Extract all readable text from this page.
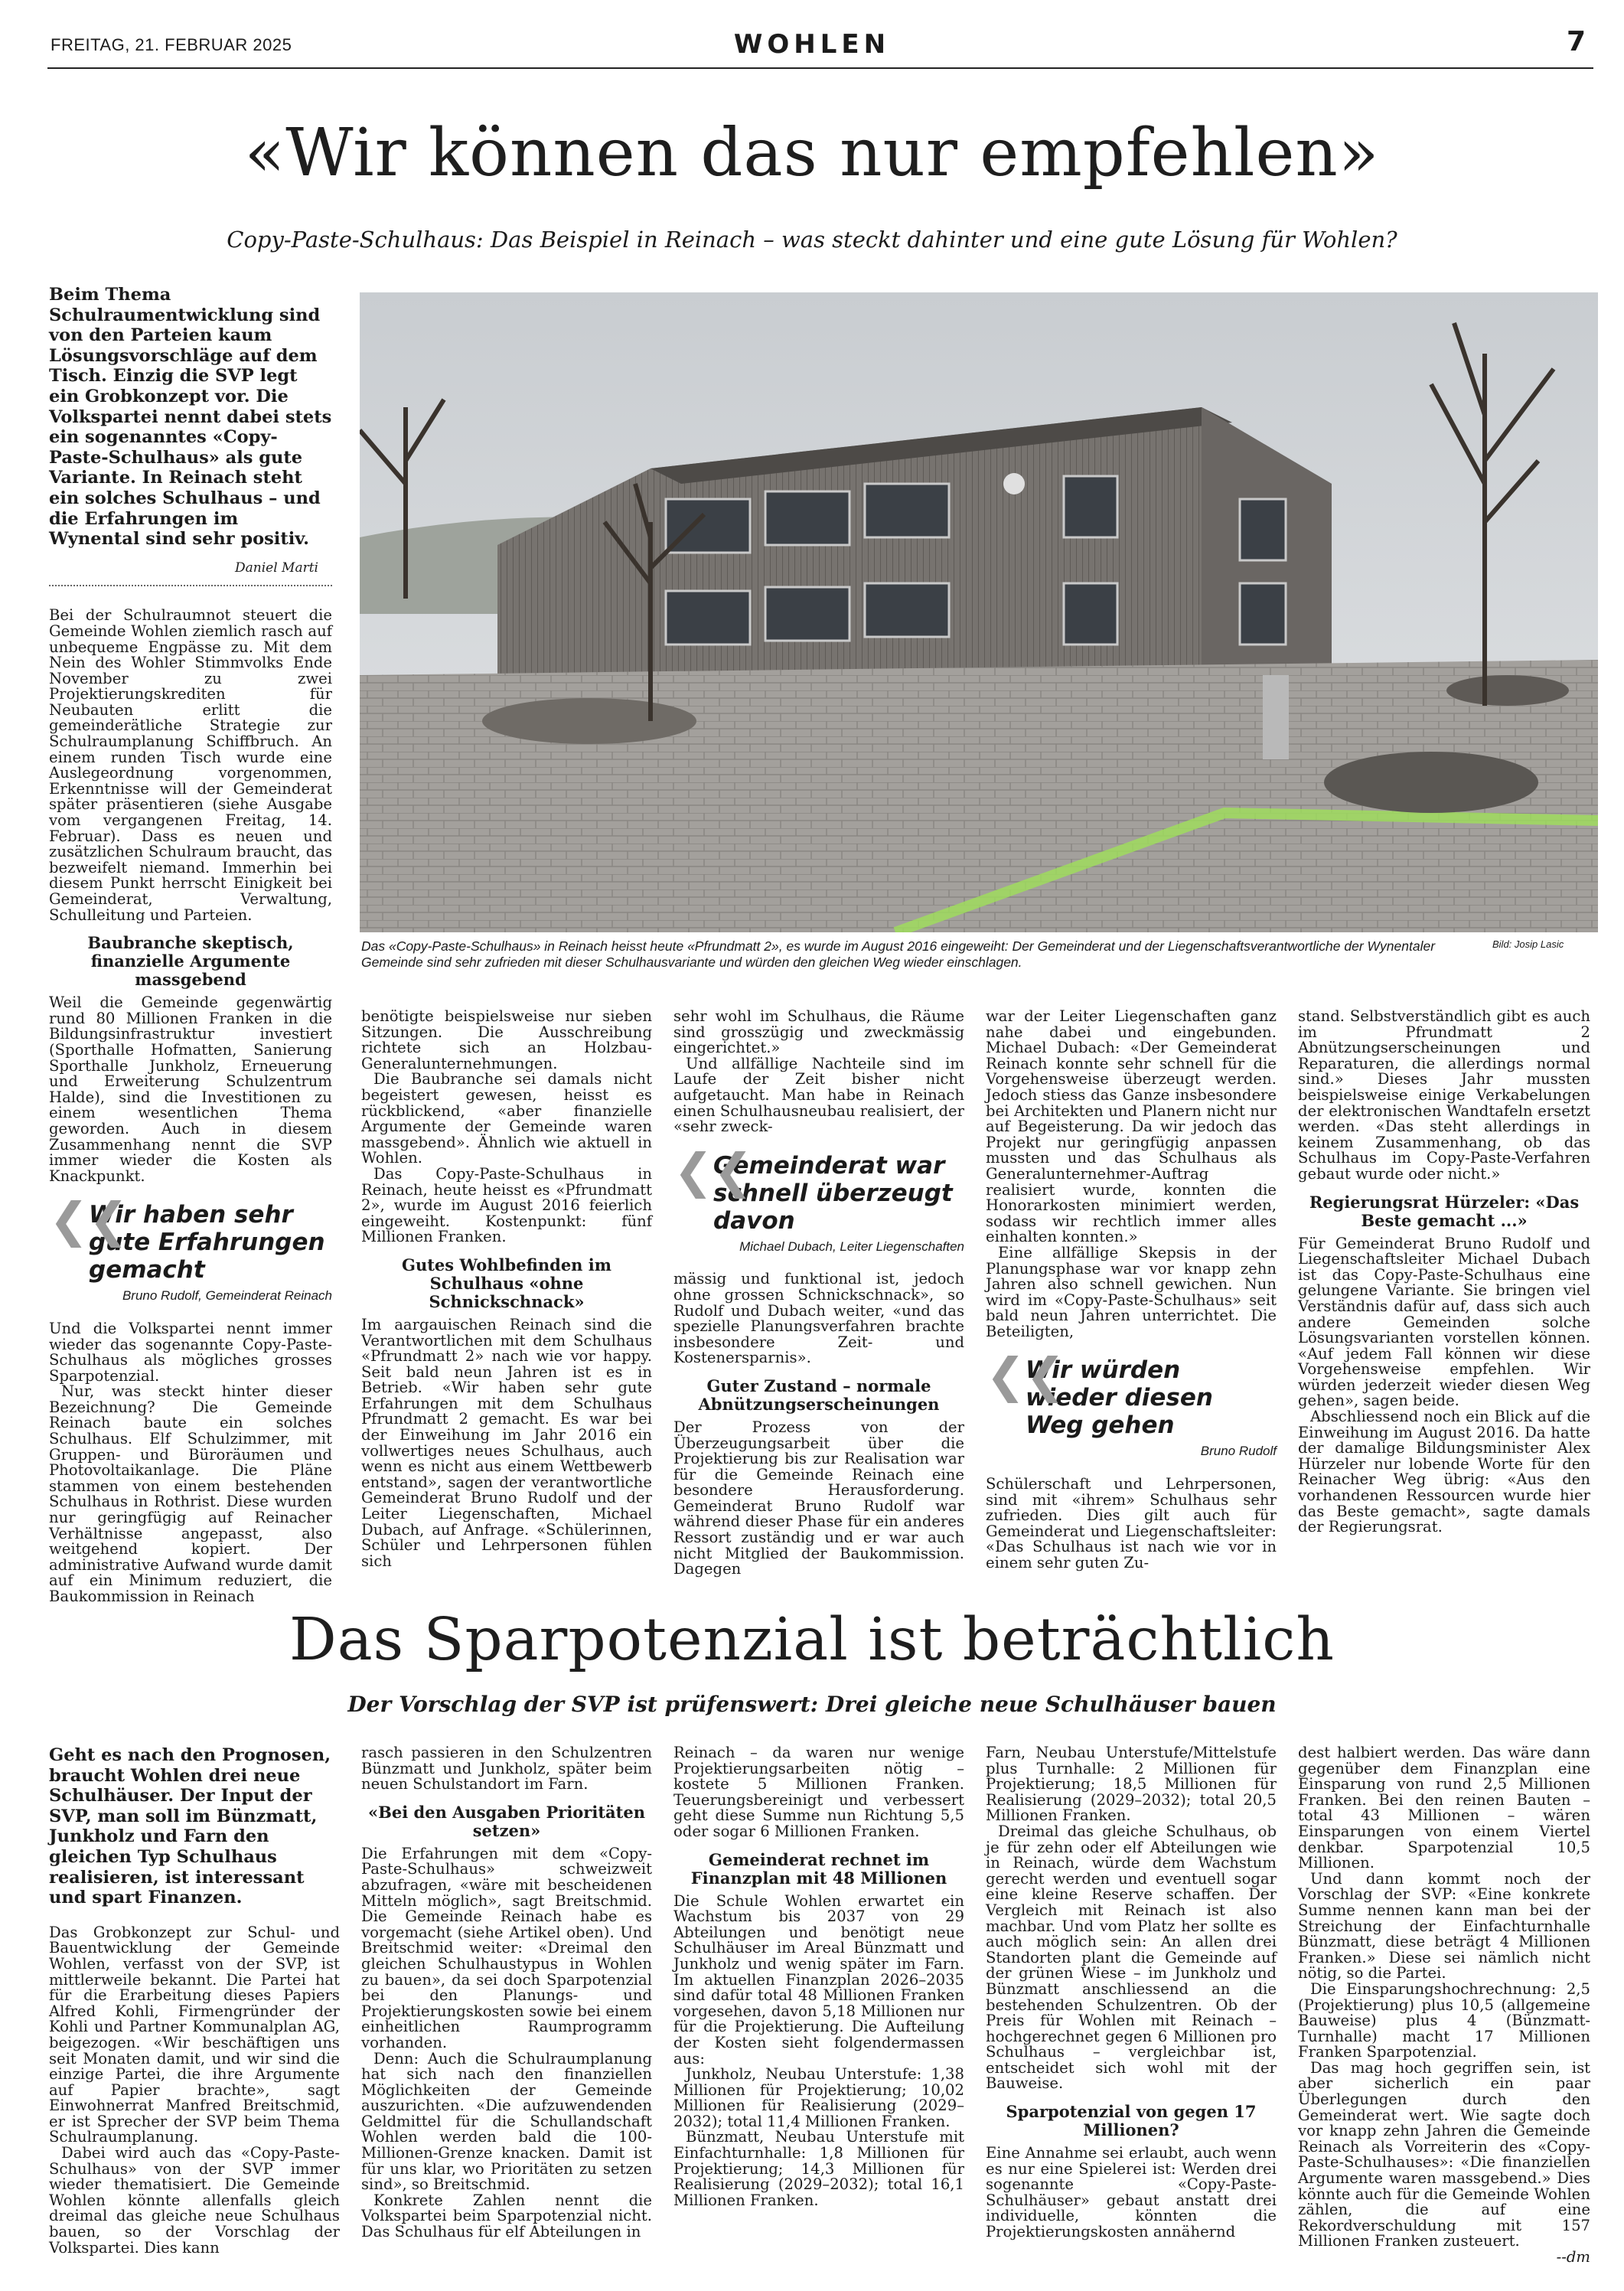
FREITAG, 21. FEBRUAR 2025	WOHLEN	7
«Wir können das nur empfehlen»
Copy-Paste-Schulhaus: Das Beispiel in Reinach – was steckt dahinter und eine gute Lösung für Wohlen?
Beim Thema Schulraumentwicklung sind von den Parteien kaum Lösungsvorschläge auf dem Tisch. Einzig die SVP legt ein Grobkonzept vor. Die Volkspartei nennt dabei stets ein sogenanntes «Copy-Paste-Schulhaus» als gute Variante. In Reinach steht ein solches Schulhaus – und die Erfahrungen im Wynental sind sehr positiv.
Daniel Marti

Bei der Schulraumnot steuert die Gemeinde Wohlen ziemlich rasch auf unbequeme Engpässe zu. Mit dem Nein des Wohler Stimmvolks Ende November zu zwei Projektierungskrediten für Neubauten erlitt die gemeinderätliche Strategie zur Schulraumplanung Schiffbruch. An einem runden Tisch wurde eine Auslegeordnung vorgenommen, Erkenntnisse will der Gemeinderat später präsentieren (siehe Ausgabe vom vergangenen Freitag, 14. Februar). Dass es neuen und zusätzlichen Schulraum braucht, das bezweifelt niemand. Immerhin bei diesem Punkt herrscht Einigkeit bei Gemeinderat, Verwaltung, Schulleitung und Parteien.

Baubranche skeptisch, finanzielle Argumente massgebend

Weil die Gemeinde gegenwärtig rund 80 Millionen Franken in die Bildungsinfrastruktur investiert (Sporthalle Hofmatten, Sanierung Sporthalle Junkholz, Erneuerung und Erweiterung Schulzentrum Halde), sind die Investitionen zu einem wesentlichen Thema geworden. Auch in diesem Zusammenhang nennt die SVP immer wieder die Kosten als Knackpunkt.

❮❮
Wir haben sehr gute Erfahrungen gemacht
Bruno Rudolf, Gemeinderat Reinach

Und die Volkspartei nennt immer wieder das sogenannte Copy-Paste-Schulhaus als mögliches grosses Sparpotenzial.

Nur, was steckt hinter dieser Bezeichnung? Die Gemeinde Reinach baute ein solches Schulhaus. Elf Schulzimmer, mit Gruppen- und Büroräumen und Photovoltaikanlage. Die Pläne stammen von einem bestehenden Schulhaus in Rothrist. Diese wurden nur geringfügig auf Reinacher Verhältnisse angepasst, also weitgehend kopiert. Der administrative Aufwand wurde damit auf ein Minimum reduziert, die Baukommission in Reinach

Das «Copy-Paste-Schulhaus» in Reinach heisst heute «Pfrundmatt 2», es wurde im August 2016 eingeweiht: Der Gemeinderat und der Liegenschaftsverantwortliche der Wynentaler Gemeinde sind sehr zufrieden mit dieser Schulhausvariante und würden den gleichen Weg wieder einschlagen.
Bild: Josip Lasic

benötigte beispielsweise nur sieben Sitzungen. Die Ausschreibung richtete sich an Holzbau-Generalunternehmungen.

Die Baubranche sei damals nicht begeistert gewesen, heisst es rückblickend, «aber finanzielle Argumente der Gemeinde waren massgebend». Ähnlich wie aktuell in Wohlen.

Das Copy-Paste-Schulhaus in Reinach, heute heisst es «Pfrundmatt 2», wurde im August 2016 feierlich eingeweiht. Kostenpunkt: fünf Millionen Franken.

Gutes Wohlbefinden im Schulhaus «ohne Schnickschnack»

Im aargauischen Reinach sind die Verantwortlichen mit dem Schulhaus «Pfrundmatt 2» nach wie vor happy. Seit bald neun Jahren ist es in Betrieb. «Wir haben sehr gute Erfahrungen mit dem Schulhaus Pfrundmatt 2 gemacht. Es war bei der Einweihung im Jahr 2016 ein vollwertiges neues Schulhaus, auch wenn es nicht aus einem Wettbewerb entstand», sagen der verantwortliche Gemeinderat Bruno Rudolf und der Leiter Liegenschaften, Michael Dubach, auf Anfrage. «Schülerinnen, Schüler und Lehrpersonen fühlen sich

sehr wohl im Schulhaus, die Räume sind grosszügig und zweckmässig eingerichtet.»

Und allfällige Nachteile sind im Laufe der Zeit bisher nicht aufgetaucht. Man habe in Reinach einen Schulhausneubau realisiert, der «sehr zweck-

❮❮
Gemeinderat war schnell überzeugt davon
Michael Dubach, Leiter Liegenschaften

mässig und funktional ist, jedoch ohne grossen Schnickschnack», so Rudolf und Dubach weiter, «und das spezielle Planungsverfahren brachte insbesondere Zeit- und Kostenersparnis».

Guter Zustand – normale Abnützungserscheinungen

Der Prozess von der Überzeugungsarbeit über die Projektierung bis zur Realisation war für die Gemeinde Reinach eine besondere Herausforderung. Gemeinderat Bruno Rudolf war während dieser Phase für ein anderes Ressort zuständig und er war auch nicht Mitglied der Baukommission. Dagegen

war der Leiter Liegenschaften ganz nahe dabei und eingebunden. Michael Dubach: «Der Gemeinderat Reinach konnte sehr schnell für die Vorgehensweise überzeugt werden. Jedoch stiess das Ganze insbesondere bei Architekten und Planern nicht nur auf Begeisterung. Da wir jedoch das Projekt nur geringfügig anpassen mussten und das Schulhaus als Generalunternehmer-Auftrag realisiert wurde, konnten die Honorarkosten minimiert werden, sodass wir rechtlich immer alles einhalten konnten.»

Eine allfällige Skepsis in der Planungsphase war vor knapp zehn Jahren also schnell gewichen. Nun wird im «Copy-Paste-Schulhaus» seit bald neun Jahren unterrichtet. Die Beteiligten,

❮❮
Wir würden wieder diesen Weg gehen
Bruno Rudolf

Schülerschaft und Lehrpersonen, sind mit «ihrem» Schulhaus sehr zufrieden. Dies gilt auch für Gemeinderat und Liegenschaftsleiter: «Das Schulhaus ist nach wie vor in einem sehr guten Zu-

stand. Selbstverständlich gibt es auch im Pfrundmatt 2 Abnützungserscheinungen und Reparaturen, die allerdings normal sind.» Dieses Jahr mussten beispielsweise einige Verkabelungen der elektronischen Wandtafeln ersetzt werden. «Das steht allerdings in keinem Zusammenhang, ob das Schulhaus im Copy-Paste-Verfahren gebaut wurde oder nicht.»

Regierungsrat Hürzeler: «Das Beste gemacht ...»

Für Gemeinderat Bruno Rudolf und Liegenschaftsleiter Michael Dubach ist das Copy-Paste-Schulhaus eine gelungene Variante. Sie bringen viel Verständnis dafür auf, dass sich auch andere Gemeinden solche Lösungsvarianten vorstellen können. «Auf jedem Fall können wir diese Vorgehensweise empfehlen. Wir würden jederzeit wieder diesen Weg gehen», sagen beide.

Abschliessend noch ein Blick auf die Einweihung im August 2016. Da hatte der damalige Bildungsminister Alex Hürzeler nur lobende Worte für den Reinacher Weg übrig: «Aus den vorhandenen Ressourcen wurde hier das Beste gemacht», sagte damals der Regierungsrat.

Das Sparpotenzial ist beträchtlich
Der Vorschlag der SVP ist prüfenswert: Drei gleiche neue Schulhäuser bauen
Geht es nach den Prognosen, braucht Wohlen drei neue Schulhäuser. Der Input der SVP, man soll im Bünzmatt, Junkholz und Farn den gleichen Typ Schulhaus realisieren, ist interessant und spart Finanzen.

Das Grobkonzept zur Schul- und Bauentwicklung der Gemeinde Wohlen, verfasst von der SVP, ist mittlerweile bekannt. Die Partei hat für die Erarbeitung dieses Papiers Alfred Kohli, Firmengründer der Kohli und Partner Kommunalplan AG, beigezogen. «Wir beschäftigen uns seit Monaten damit, und wir sind die einzige Partei, die ihre Argumente auf Papier brachte», sagt Einwohnerrat Manfred Breitschmid, er ist Sprecher der SVP beim Thema Schulraumplanung.

Dabei wird auch das «Copy-Paste-Schulhaus» von der SVP immer wieder thematisiert. Die Gemeinde Wohlen könnte allenfalls gleich dreimal das gleiche neue Schulhaus bauen, so der Vorschlag der Volkspartei. Dies kann

rasch passieren in den Schulzentren Bünzmatt und Junkholz, später beim neuen Schulstandort im Farn.

«Bei den Ausgaben Prioritäten setzen»

Die Erfahrungen mit dem «Copy-Paste-Schulhaus» schweizweit abzufragen, «wäre mit bescheidenen Mitteln möglich», sagt Breitschmid. Die Gemeinde Reinach habe es vorgemacht (siehe Artikel oben). Und Breitschmid weiter: «Dreimal den gleichen Schulhaustypus in Wohlen zu bauen», da sei doch Sparpotenzial bei den Planungs- und Projektierungskosten sowie bei einem einheitlichen Raumprogramm vorhanden.

Denn: Auch die Schulraumplanung hat sich nach den finanziellen Möglichkeiten der Gemeinde auszurichten. «Die aufzuwendenden Geldmittel für die Schullandschaft Wohlen werden bald die 100-Millionen-Grenze knacken. Damit ist für uns klar, wo Prioritäten zu setzen sind», so Breitschmid.

Konkrete Zahlen nennt die Volkspartei beim Sparpotenzial nicht. Das Schulhaus für elf Abteilungen in

Reinach – da waren nur wenige Projektierungsarbeiten nötig – kostete 5 Millionen Franken. Teuerungsbereinigt und verbessert geht diese Summe nun Richtung 5,5 oder sogar 6 Millionen Franken.

Gemeinderat rechnet im Finanzplan mit 48 Millionen

Die Schule Wohlen erwartet ein Wachstum bis 2037 von 29 Abteilungen und benötigt neue Schulhäuser im Areal Bünzmatt und Junkholz und wenig später im Farn. Im aktuellen Finanzplan 2026–2035 sind dafür total 48 Millionen Franken vorgesehen, davon 5,18 Millionen nur für die Projektierung. Die Aufteilung der Kosten sieht folgendermassen aus:

Junkholz, Neubau Unterstufe: 1,38 Millionen für Projektierung; 10,02 Millionen für Realisierung (2029–2032); total 11,4 Millionen Franken.

Bünzmatt, Neubau Unterstufe mit Einfachturnhalle: 1,8 Millionen für Projektierung; 14,3 Millionen für Realisierung (2029–2032); total 16,1 Millionen Franken.

Farn, Neubau Unterstufe/Mittelstufe plus Turnhalle: 2 Millionen für Projektierung; 18,5 Millionen für Realisierung (2029–2032); total 20,5 Millionen Franken.

Dreimal das gleiche Schulhaus, ob je für zehn oder elf Abteilungen wie in Reinach, würde dem Wachstum gerecht werden und eventuell sogar eine kleine Reserve schaffen. Der Vergleich mit Reinach ist also machbar. Und vom Platz her sollte es auch möglich sein: An allen drei Standorten plant die Gemeinde auf der grünen Wiese – im Junkholz und Bünzmatt anschliessend an die bestehenden Schulzentren. Ob der Preis für Wohlen mit Reinach – hochgerechnet gegen 6 Millionen pro Schulhaus – vergleichbar ist, entscheidet sich wohl mit der Bauweise.

Sparpotenzial von gegen 17 Millionen?

Eine Annahme sei erlaubt, auch wenn es nur eine Spielerei ist: Werden drei sogenannte «Copy-Paste-Schulhäuser» gebaut anstatt drei individuelle, könnten die Projektierungskosten annähernd

dest halbiert werden. Das wäre dann gegenüber dem Finanzplan eine Einsparung von rund 2,5 Millionen Franken. Bei den reinen Bauten – total 43 Millionen – wären Einsparungen von einem Viertel denkbar. Sparpotenzial 10,5 Millionen.

Und dann kommt noch der Vorschlag der SVP: «Eine konkrete Summe nennen kann man bei der Streichung der Einfachturnhalle Bünzmatt, diese beträgt 4 Millionen Franken.» Diese sei nämlich nicht nötig, so die Partei.

Die Einsparungshochrechnung: 2,5 (Projektierung) plus 10,5 (allgemeine Bauweise) plus 4 (Bünzmatt-Turnhalle) macht 17 Millionen Franken Sparpotenzial.

Das mag hoch gegriffen sein, ist aber sicherlich ein paar Überlegungen durch den Gemeinderat wert. Wie sagte doch vor knapp zehn Jahren die Gemeinde Reinach als Vorreiterin des «Copy-Paste-Schulhauses»: «Die finanziellen Argumente waren massgebend.» Dies könnte auch für die Gemeinde Wohlen zählen, die auf eine Rekordverschuldung mit 157 Millionen Franken zusteuert.

--dm
